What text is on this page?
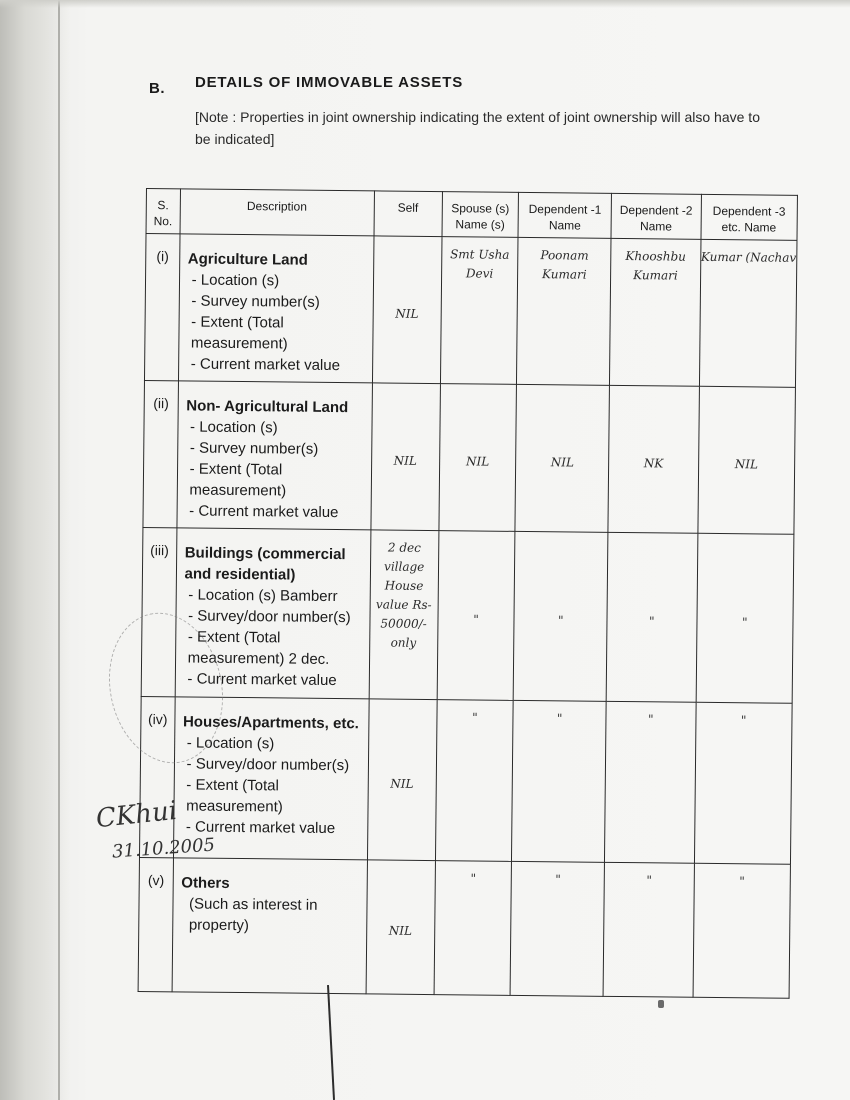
B. DETAILS OF IMMOVABLE ASSETS
[Note : Properties in joint ownership indicating the extent of joint ownership will also have to be indicated]
S. No.	Description	Self	Spouse (s) Name (s)	Dependent -1 Name	Dependent -2 Name	Dependent -3 etc. Name
(i)	Agriculture Land
- Location (s)
- Survey number(s)
- Extent (Total measurement)
- Current market value	NIL	Smt Usha Devi	Poonam Kumari	Khooshbu Kumari	Kumar (Nachav
(ii)	Non- Agricultural Land
- Location (s)
- Survey number(s)
- Extent (Total measurement)
- Current market value	NIL	NIL	NIL	NK	NIL
(iii)	Buildings (commercial and residential)
- Location (s) Bamberr
- Survey/door number(s)
- Extent (Total measurement) 2 dec.
- Current market value	2 dec village House value Rs-50000/- only	"	"	"	"
(iv)	Houses/Apartments, etc.
- Location (s)
- Survey/door number(s)
- Extent (Total measurement)
- Current market value	NIL	"	"	"	"
(v)	Others
(Such as interest in property)	NIL	"	"	"	"
CKhui
31.10.2005
